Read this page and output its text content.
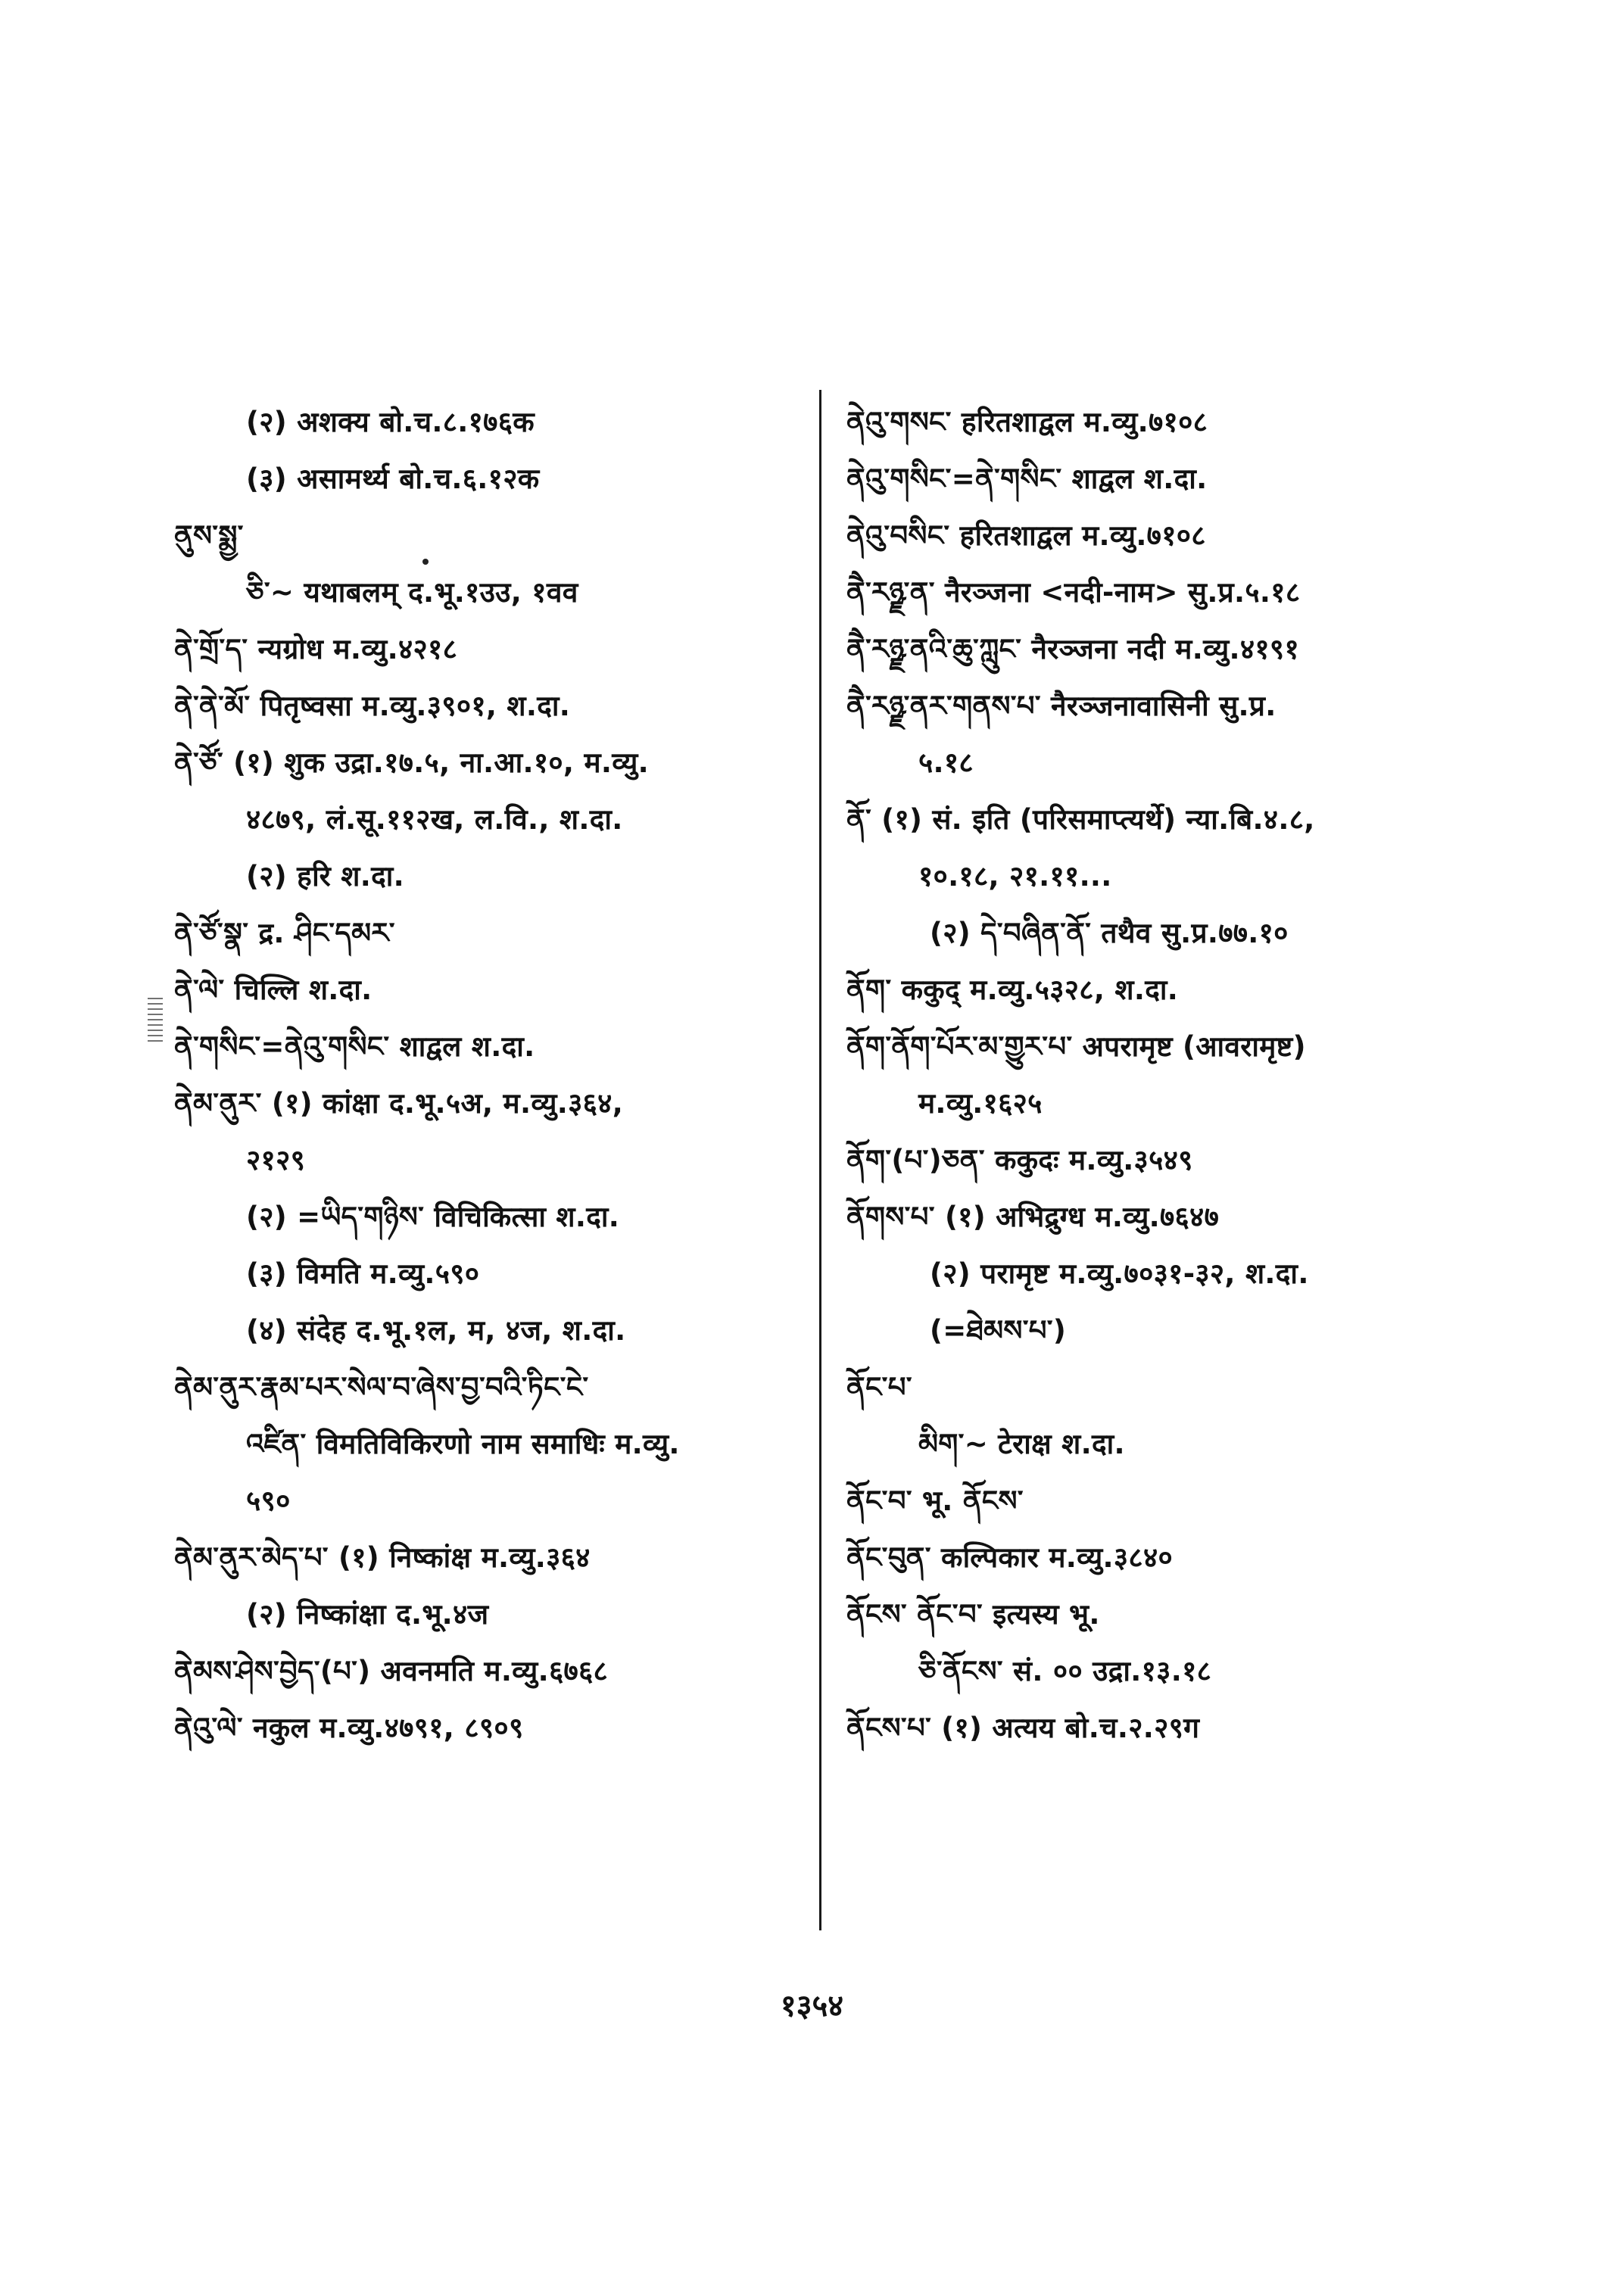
(२) अशक्य बो.च.८.१७६क
(३) असामर्थ्य बो.च.६.१२क
ནུས་སྨྱ་
ཅི་~ यथाबलम् द.भू.१उउ, १वव
ནེ་གྲོ་ད་ न्यग्रोध म.व्यु.४२१८
ནེ་ནེ་མོ་ पितृष्वसा म.व्यु.३९०१, श.दा.
ནེ་ཙོ་ (१) शुक उद्रा.१७.५, ना.आ.१०, म.व्यु.
४८७९, लं.सू.११२ख, ल.वि., श.दा.
(२) हरि श.दा.
ནེ་ཙོ་སྣ་ द्र. ཤིང་དམར་
ནེ་ལེ་ चिल्लि श.दा.
ནེ་གསིང་=ནེའུ་གསིང་ शाद्वल श.दा.
ནེམ་ནུར་ (१) कांक्षा द.भू.५अ, म.व्यु.३६४,
२१२९
(२) =ཡིད་གཉིས་ विचिकित्सा श.दा.
(३) विमति म.व्यु.५९०
(४) संदेह द.भू.१ल, म, ४ज, श.दा.
ནེམ་ནུར་རྣམ་པར་སེལ་བ་ཞེས་བྱ་བའི་ཏིང་ངེ་
འཛིན་ विमतिविकिरणो नाम समाधिः म.व्यु.
५९०
ནེམ་ནུར་མེད་པ་ (१) निष्कांक्ष म.व्यु.३६४
(२) निष्कांक्षा द.भू.४ज
ནེམས་ཤེས་བྱེད་(པ་) अवनमति म.व्यु.६७६८
ནེའུ་ལེ་ नकुल म.व्यु.४७९१, ८९०९
ནེའུ་གསང་ हरितशाद्वल म.व्यु.७१०८
ནེའུ་གསིང་=ནེ་གསིང་ शाद्वल श.दा.
ནེའུ་བསིང་ हरितशाद्वल म.व्यु.७१०८
ནཻ་རཉྫ་ན་ नैरञ्जना <नदी-नाम> सु.प्र.५.१८
ནཻ་རཉྫ་ནའི་ཆུ་ཀླུང་ नैरञ्जना नदी म.व्यु.४१९१
ནཻ་རཉྫ་ནར་གནས་པ་ नैरञ्जनावासिनी सु.प्र.
५.१८
ནོ་ (१) सं. इति (परिसमाप्त्यर्थे) न्या.बि.४.८,
१०.१८, २१.११...
(२) དེ་བཞིན་ནོ་ तथैव सु.प्र.७७.१०
ནོག་ ककुद् म.व्यु.५३२८, श.दा.
ནོག་ནོག་པོར་མ་གྱུར་པ་ अपरामृष्ट (आवरामृष्ट)
म.व्यु.१६२५
ནོག་(པ་)ཅན་ ककुदः म.व्यु.३५४९
ནོགས་པ་ (१) अभिद्रुग्ध म.व्यु.७६४७
(२) परामृष्ट म.व्यु.७०३१-३२, श.दा.
(=ཐེམས་པ་)
ནོང་པ་
མིག་~ टेराक्ष श.दा.
ནོང་བ་ भू. ནོངས་
ནོང་བུན་ कल्पिकार म.व्यु.३८४०
ནོངས་ ནོང་བ་ इत्यस्य भू.
ཅི་ནོངས་ सं. ०० उद्रा.१३.१८
ནོངས་པ་ (१) अत्यय बो.च.२.२९ग
१३५४
